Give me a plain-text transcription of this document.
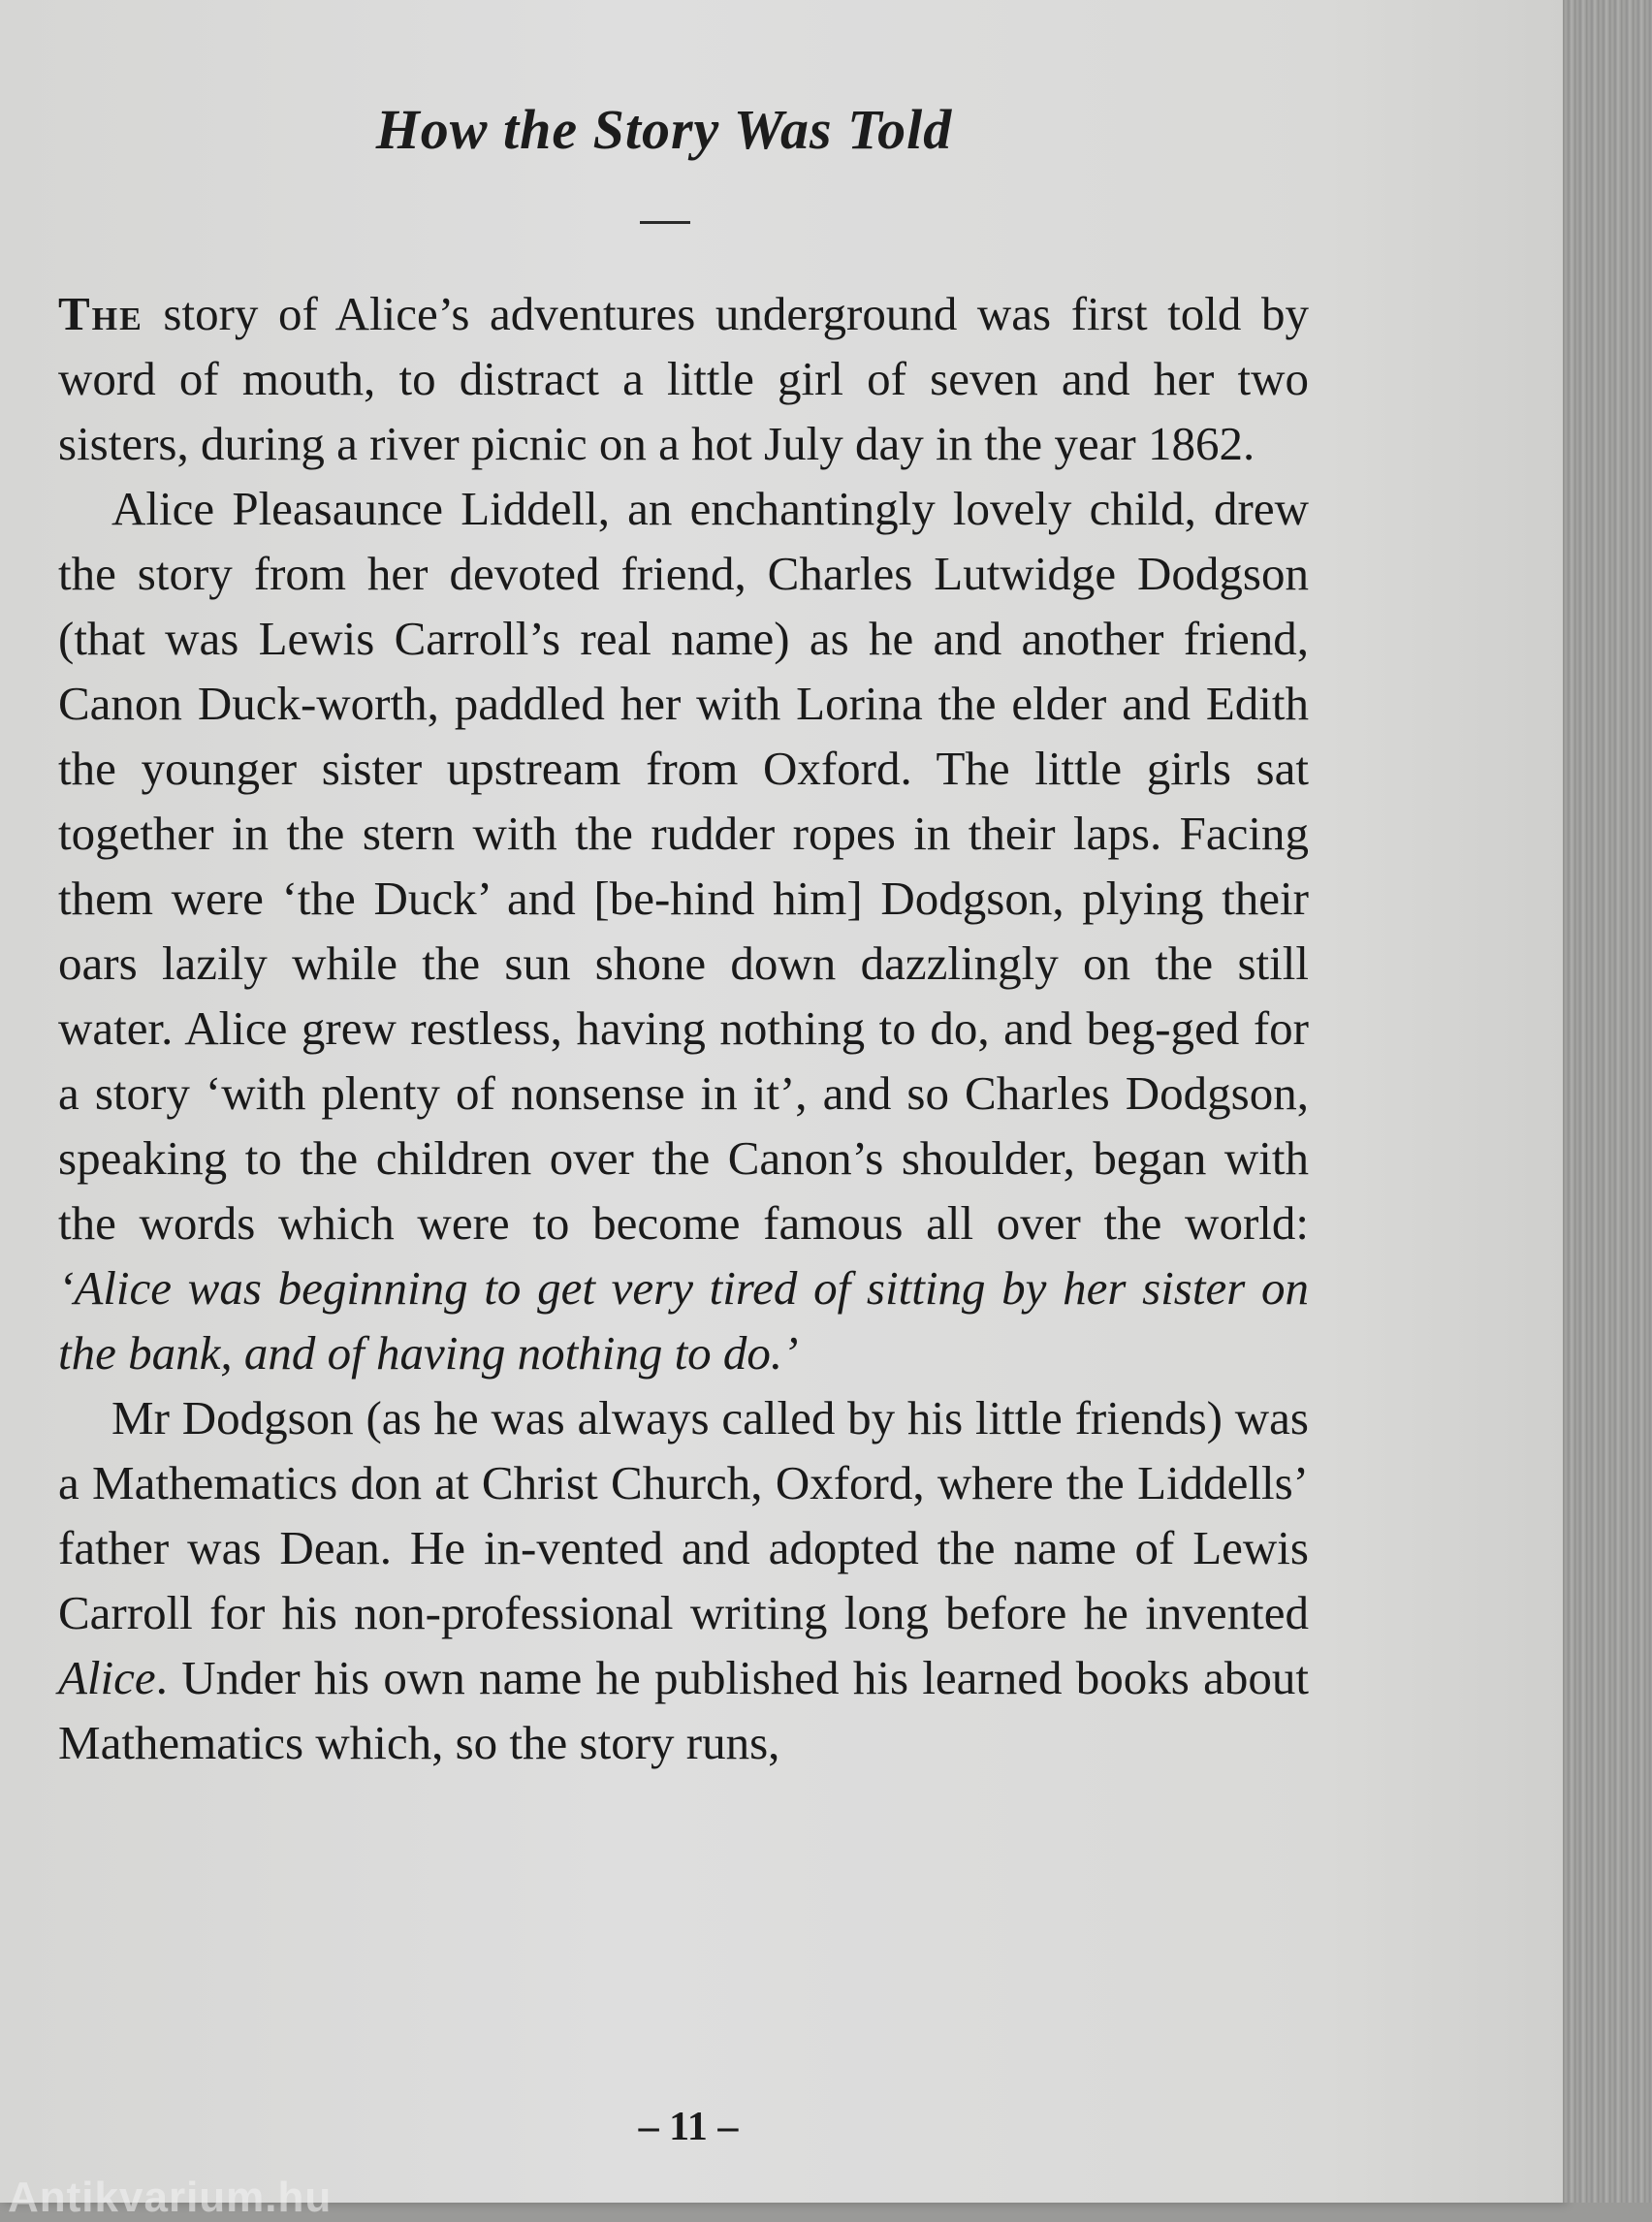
How the Story Was Told

The story of Alice’s adventures underground was first told by word of mouth, to distract a little girl of seven and her two sisters, during a river picnic on a hot July day in the year 1862.

Alice Pleasaunce Liddell, an enchantingly lovely child, drew the story from her devoted friend, Charles Lutwidge Dodgson (that was Lewis Carroll’s real name) as he and another friend, Canon Duck-worth, paddled her with Lorina the elder and Edith the younger sister upstream from Oxford. The little girls sat together in the stern with the rudder ropes in their laps. Facing them were ‘the Duck’ and [be-hind him] Dodgson, plying their oars lazily while the sun shone down dazzlingly on the still water. Alice grew restless, having nothing to do, and beg-ged for a story ‘with plenty of nonsense in it’, and so Charles Dodgson, speaking to the children over the Canon’s shoulder, began with the words which were to become famous all over the world: ‘Alice was beginning to get very tired of sitting by her sister on the bank, and of having nothing to do.’

Mr Dodgson (as he was always called by his little friends) was a Mathematics don at Christ Church, Oxford, where the Liddells’ father was Dean. He in-vented and adopted the name of Lewis Carroll for his non-professional writing long before he invented Alice. Under his own name he published his learned books about Mathematics which, so the story runs,

– 11 –
Antikvarium.hu
